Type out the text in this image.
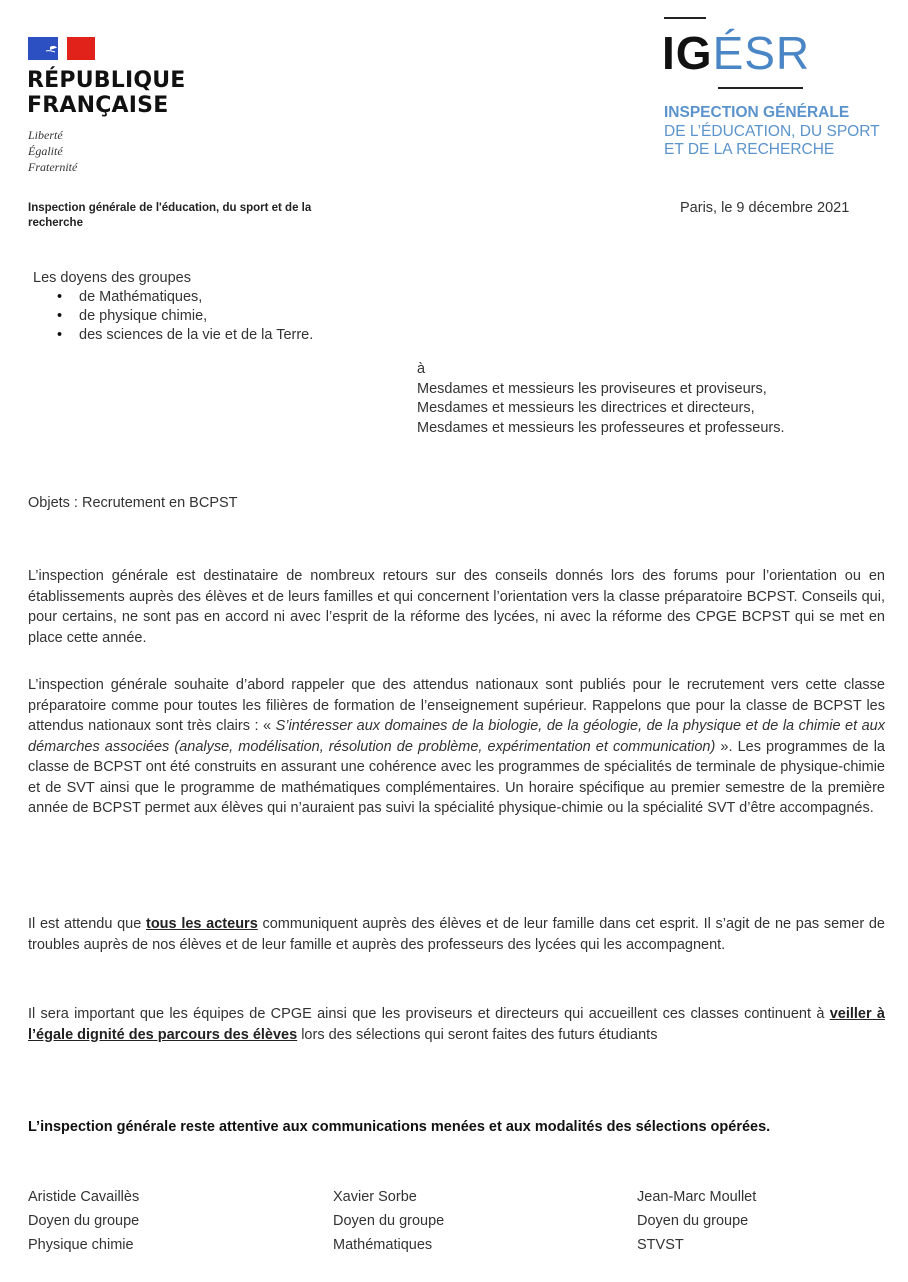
RÉPUBLIQUE
FRANÇAISE
Liberté
Égalité
Fraternité
Inspection générale de l'éducation, du sport et de la
recherche
IGÉSR
INSPECTION GÉNÉRALE
DE L’ÉDUCATION, DU SPORT
ET DE LA RECHERCHE
Paris, le 9 décembre 2021
Les doyens des groupes
• de Mathématiques,
• de physique chimie,
• des sciences de la vie et de la Terre.
à
Mesdames et messieurs les proviseures et proviseurs,
Mesdames et messieurs les directrices et directeurs,
Mesdames et messieurs les professeures et professeurs.
Objets : Recrutement en BCPST
L’inspection générale est destinataire de nombreux retours sur des conseils donnés lors des forums pour l’orientation ou en établissements auprès des élèves et de leurs familles et qui concernent l’orientation vers la classe préparatoire BCPST. Conseils qui, pour certains, ne sont pas en accord ni avec l’esprit de la réforme des lycées, ni avec la réforme des CPGE BCPST qui se met en place cette année.
L’inspection générale souhaite d’abord rappeler que des attendus nationaux sont publiés pour le recrutement vers cette classe préparatoire comme pour toutes les filières de formation de l’enseignement supérieur. Rappelons que pour la classe de BCPST les attendus nationaux sont très clairs : « S’intéresser aux domaines de la biologie, de la géologie, de la physique et de la chimie et aux démarches associées (analyse, modélisation, résolution de problème, expérimentation et communication) ». Les programmes de la classe de BCPST ont été construits en assurant une cohérence avec les programmes de spécialités de terminale de physique-chimie et de SVT ainsi que le programme de mathématiques complémentaires. Un horaire spécifique au premier semestre de la première année de BCPST permet aux élèves qui n’auraient pas suivi la spécialité physique-chimie ou la spécialité SVT d’être accompagnés.
Il est attendu que tous les acteurs communiquent auprès des élèves et de leur famille dans cet esprit. Il s’agit de ne pas semer de troubles auprès de nos élèves et de leur famille et auprès des professeurs des lycées qui les accompagnent.
Il sera important que les équipes de CPGE ainsi que les proviseurs et directeurs qui accueillent ces classes continuent à veiller à l’égale dignité des parcours des élèves lors des sélections qui seront faites des futurs étudiants
L’inspection générale reste attentive aux communications menées et aux modalités des sélections opérées.
Aristide Cavaillès
Doyen du groupe
Physique chimie
Xavier Sorbe
Doyen du groupe
Mathématiques
Jean-Marc Moullet
Doyen du groupe
STVST
